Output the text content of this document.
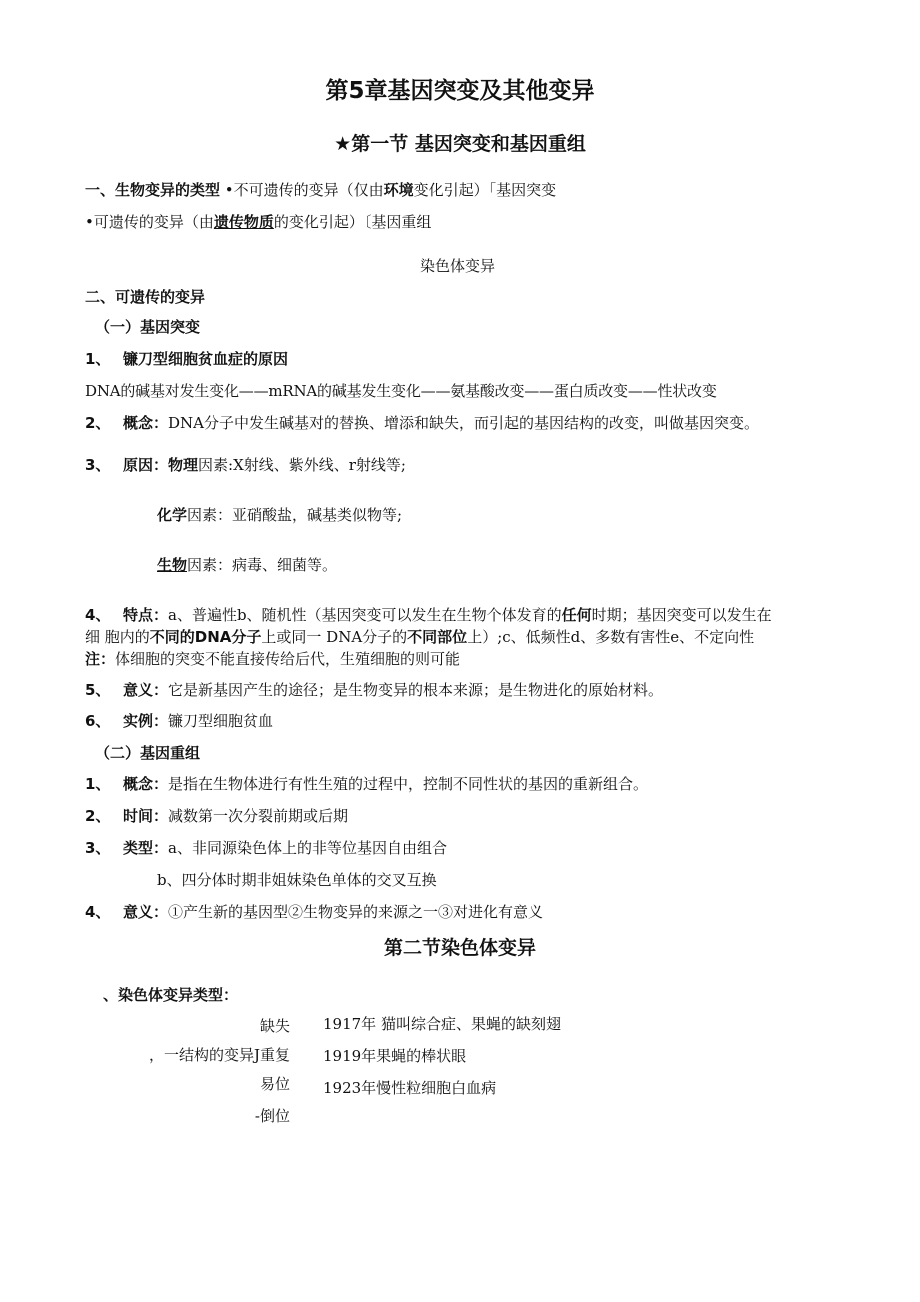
第5章基因突变及其他变异
★第一节 基因突变和基因重组
一、生物变异的类型 •不可遗传的变异（仅由环境变化引起）「基因突变
•可遗传的变异（由遗传物质的变化引起）〔基因重组
染色体变异
二、可遗传的变异
（一）基因突变
1、 镰刀型细胞贫血症的原因
DNA的碱基对发生变化——mRNA的碱基发生变化——氨基酸改变——蛋白质改变——性状改变
2、 概念：DNA分子中发生碱基对的替换、增添和缺失，而引起的基因结构的改变，叫做基因突变。
3、 原因：物理因素:X射线、紫外线、r射线等;
化学因素：亚硝酸盐，碱基类似物等;
生物因素：病毒、细菌等。
4、 特点：a、普遍性b、随机性（基因突变可以发生在生物个体发育的任何时期；基因突变可以发生在
细 胞内的不同的DNA分子上或同一 DNA分子的不同部位上）;c、低频性d、多数有害性e、不定向性
注：体细胞的突变不能直接传给后代，生殖细胞的则可能
5、 意义：它是新基因产生的途径；是生物变异的根本来源；是生物进化的原始材料。
6、 实例：镰刀型细胞贫血
（二）基因重组
1、 概念：是指在生物体进行有性生殖的过程中，控制不同性状的基因的重新组合。
2、 时间：减数第一次分裂前期或后期
3、 类型：a、非同源染色体上的非等位基因自由组合
b、四分体时期非姐妹染色单体的交叉互换
4、 意义：①产生新的基因型②生物变异的来源之一③对进化有意义
第二节染色体变异
、染色体变异类型：
缺失 1917年 猫叫综合症、果蝇的缺刻翅
，一结构的变异J重复 1919年果蝇的棒状眼
易位 1923年慢性粒细胞白血病
-倒位
